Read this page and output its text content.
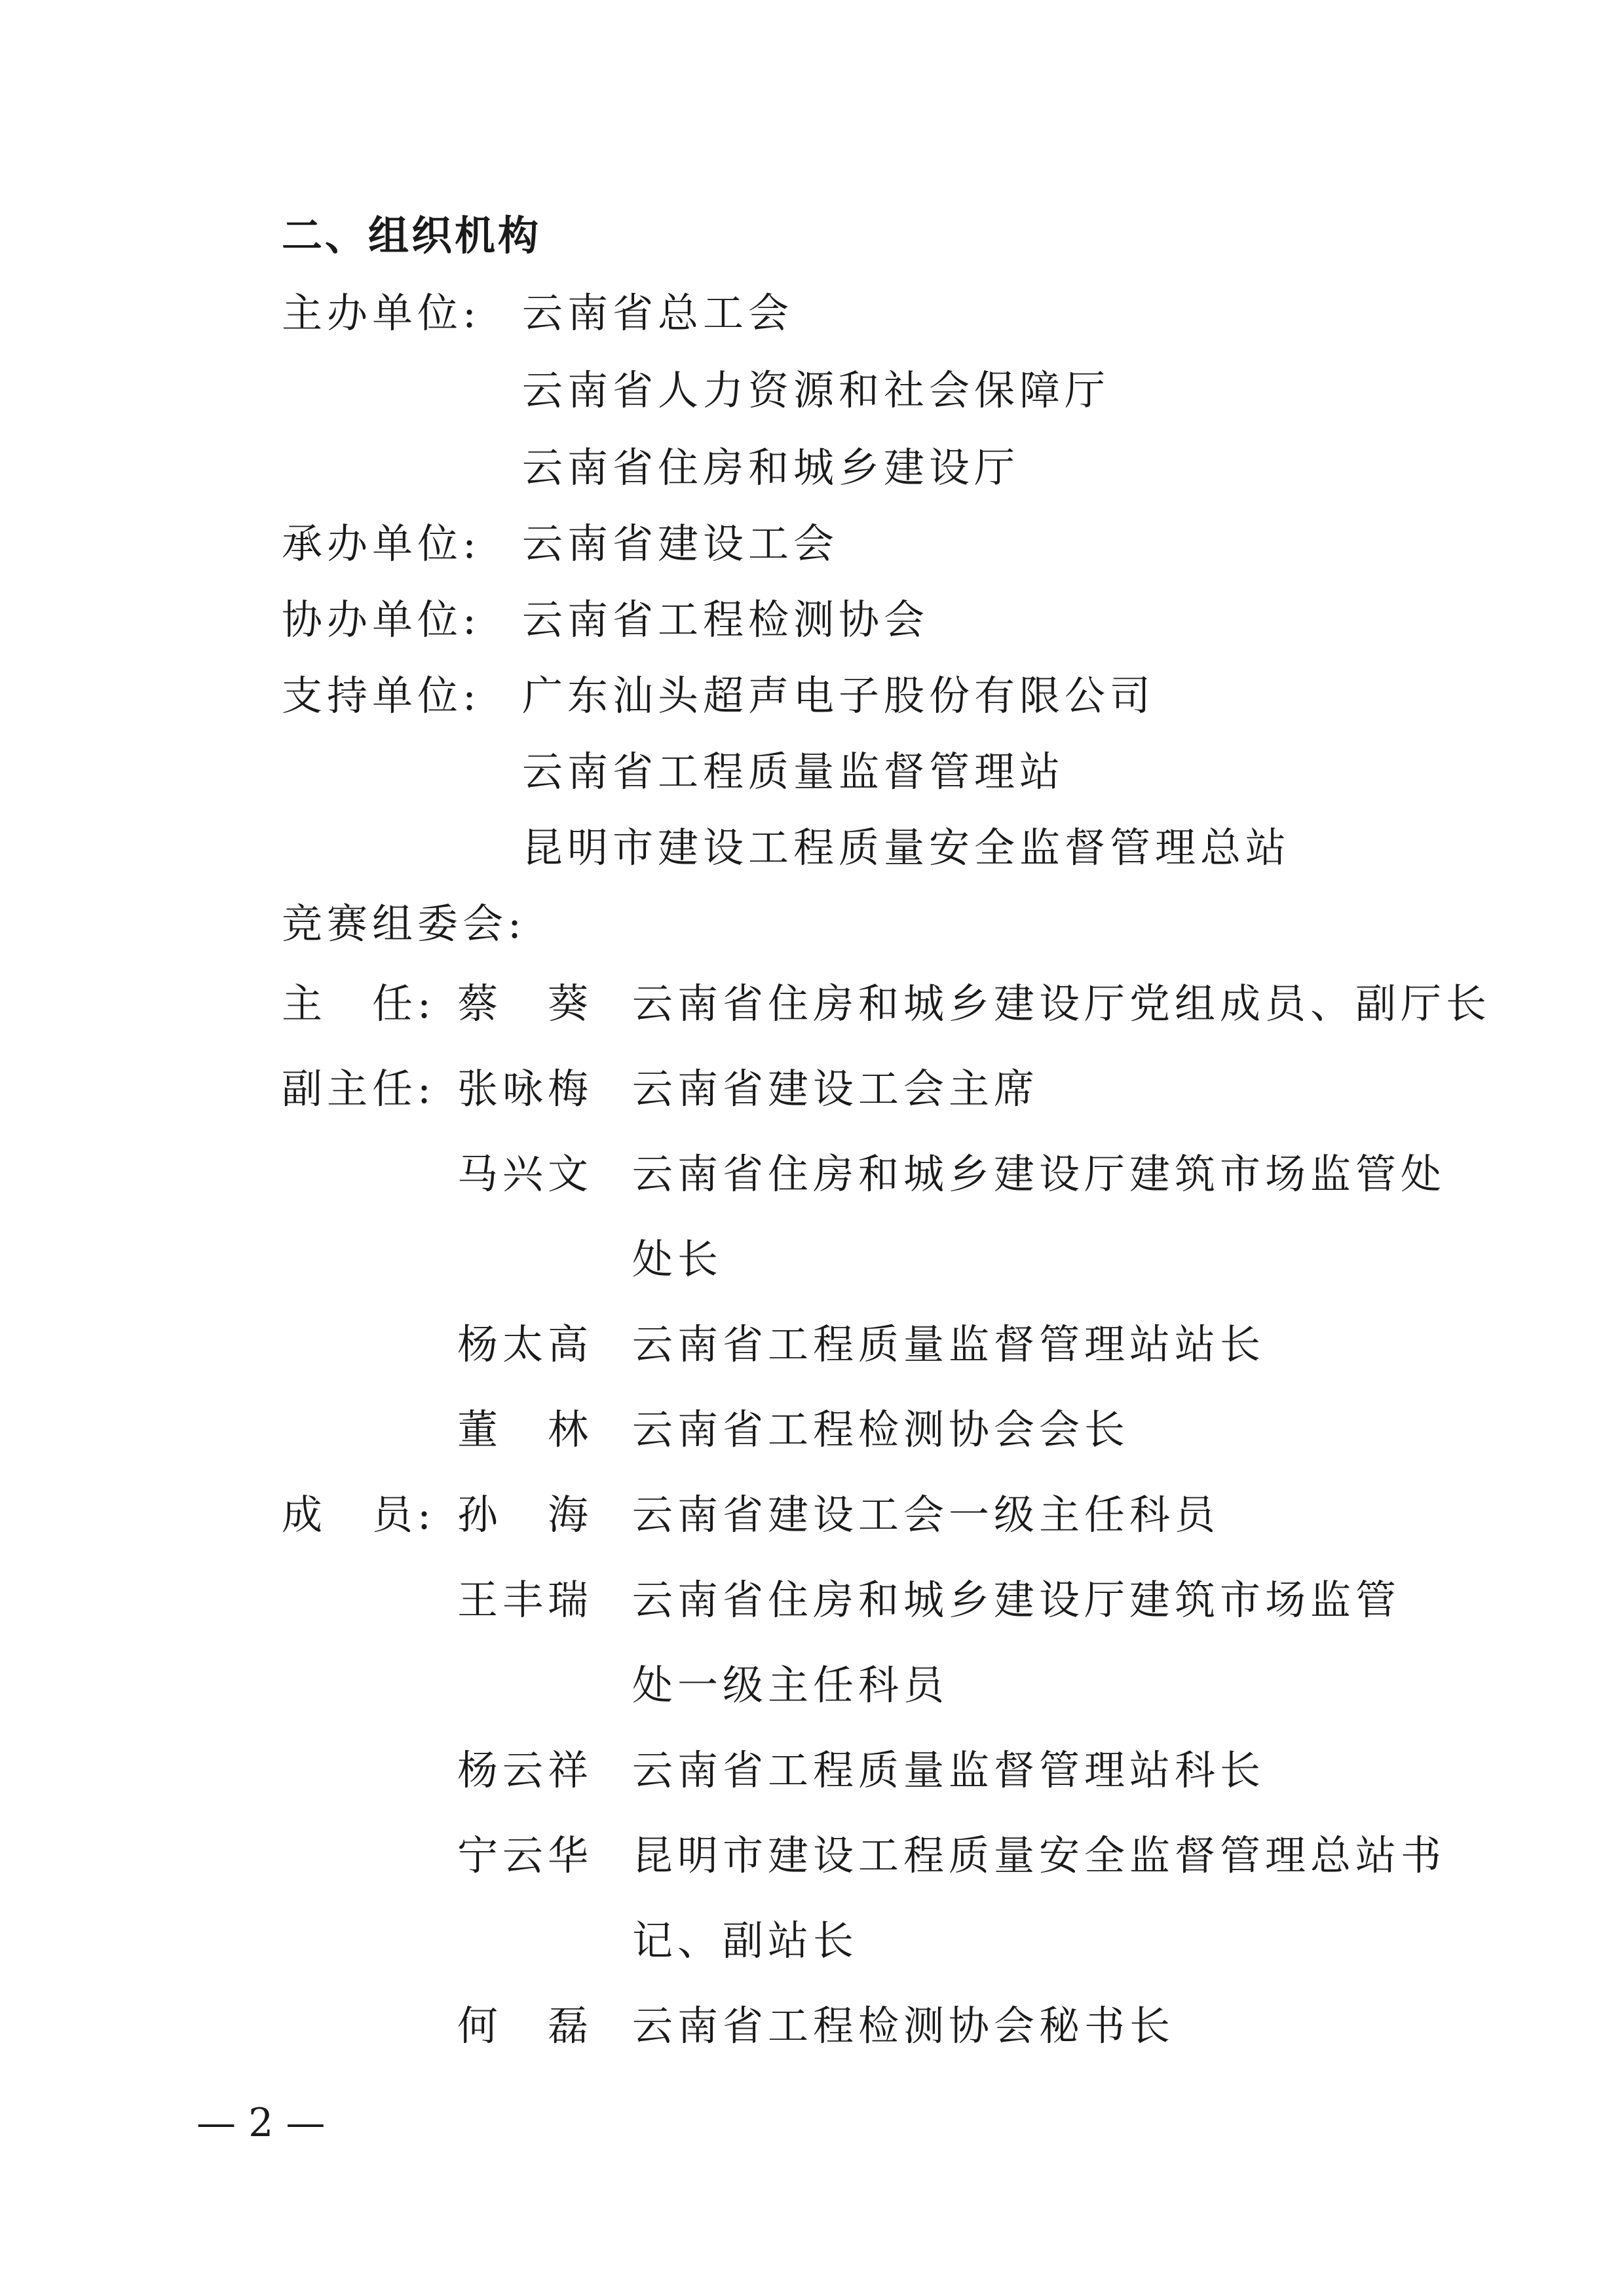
二、组织机构
主办单位: 云南省总工会
云南省人力资源和社会保障厅
云南省住房和城乡建设厅
承办单位: 云南省建设工会
协办单位: 云南省工程检测协会
支持单位: 广东汕头超声电子股份有限公司
云南省工程质量监督管理站
昆明市建设工程质量安全监督管理总站
竞赛组委会:
主　任: 蔡　葵 云南省住房和城乡建设厅党组成员、副厅长
副主任: 张咏梅 云南省建设工会主席
马兴文 云南省住房和城乡建设厅建筑市场监管处
处长
杨太高 云南省工程质量监督管理站站长
董　林 云南省工程检测协会会长
成　员: 孙　海 云南省建设工会一级主任科员
王丰瑞 云南省住房和城乡建设厅建筑市场监管
处一级主任科员
杨云祥 云南省工程质量监督管理站科长
宁云华 昆明市建设工程质量安全监督管理总站书
记、副站长
何　磊 云南省工程检测协会秘书长
— 2 —
